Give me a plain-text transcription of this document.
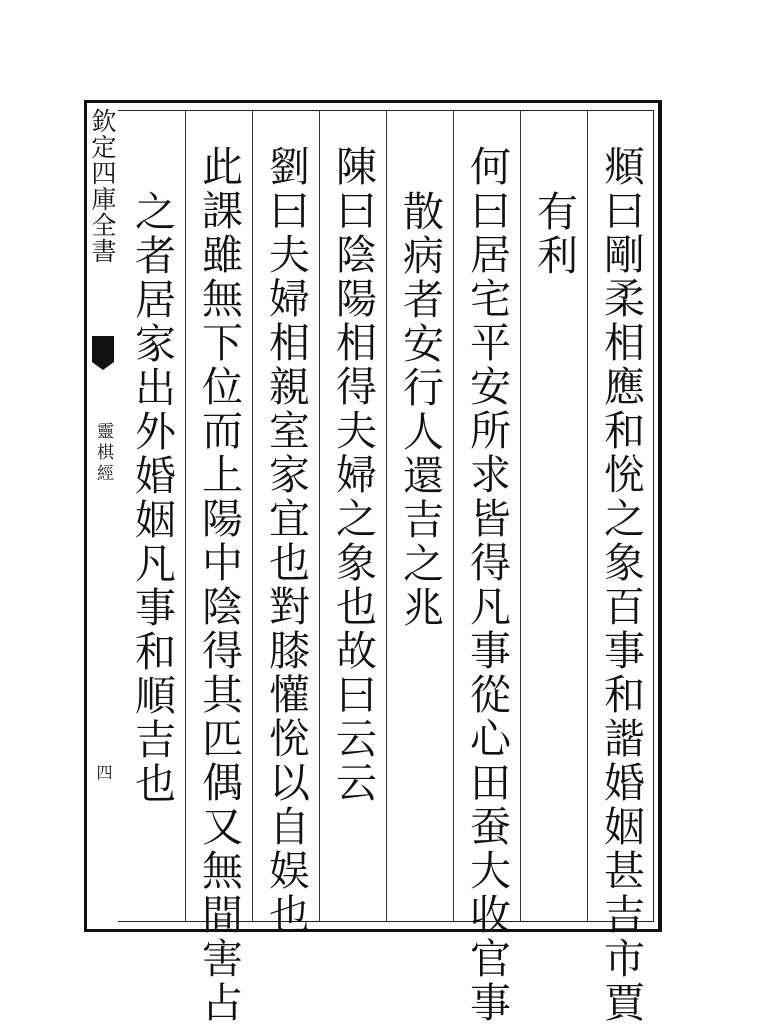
欽定四庫全書
靈棋經
四	頫曰剛柔相應和恱之象百事和諧婚姻甚吉市賈
有利
何曰居宅平安所求皆得凡事從心田蚕大收官事
散病者安行人還吉之兆
陳曰陰陽相得夫婦之象也故曰云云
劉曰夫婦相親室家宜也對膝懽恱以自娱也
此課雖無下位而上陽中陰得其匹偶又無間害占
之者居家出外婚姻凡事和順吉也
